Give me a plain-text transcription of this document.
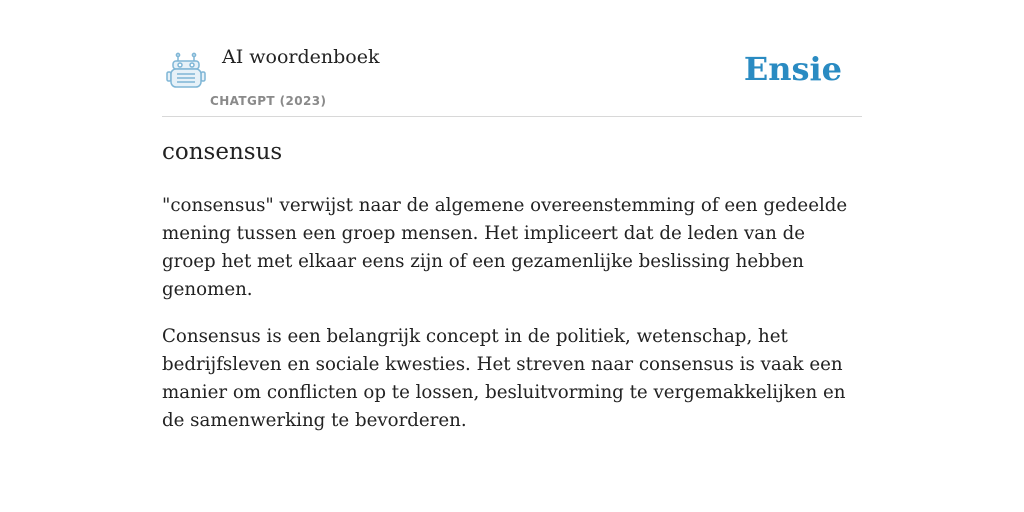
AI woordenboek
CHATGPT (2023)
Ensie
consensus

"consensus" verwijst naar de algemene overeenstemming of een gedeelde mening tussen een groep mensen. Het impliceert dat de leden van de groep het met elkaar eens zijn of een gezamenlijke beslissing hebben genomen.

Consensus is een belangrijk concept in de politiek, wetenschap, het bedrijfsleven en sociale kwesties. Het streven naar consensus is vaak een manier om conflicten op te lossen, besluitvorming te vergemakkelijken en de samenwerking te bevorderen.
